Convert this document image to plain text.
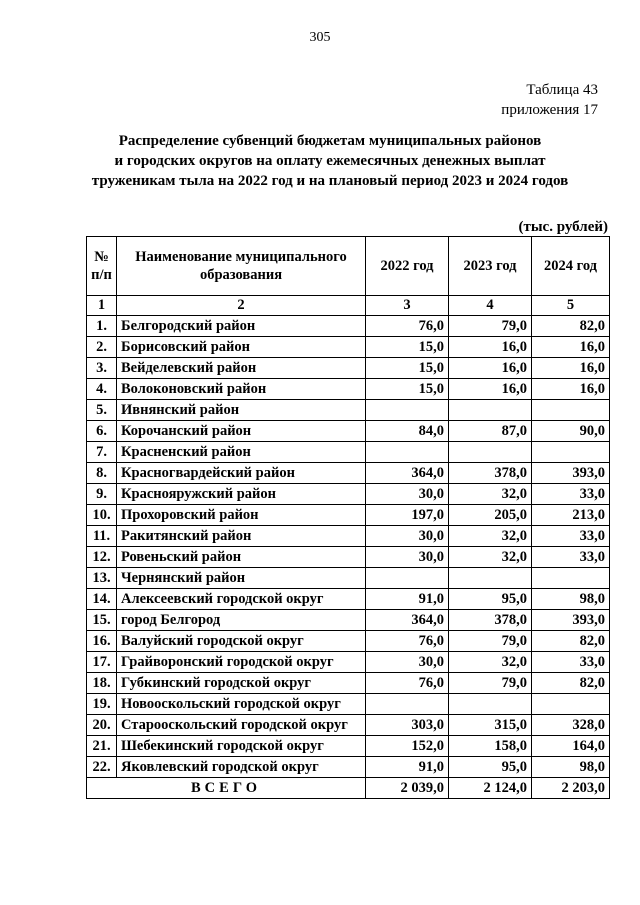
305
Таблица 43
приложения 17
Распределение субвенций бюджетам муниципальных районов
и городских округов на оплату ежемесячных денежных выплат
труженикам тыла на 2022 год и на плановый период 2023 и 2024 годов
(тыс. рублей)
№ п/п	Наименование муниципального образования	2022 год	2023 год	2024 год
1	2	3	4	5
1.	Белгородский район	76,0	79,0	82,0
2.	Борисовский район	15,0	16,0	16,0
3.	Вейделевский район	15,0	16,0	16,0
4.	Волоконовский район	15,0	16,0	16,0
5.	Ивнянский район			
6.	Корочанский район	84,0	87,0	90,0
7.	Красненский район			
8.	Красногвардейский район	364,0	378,0	393,0
9.	Краснояружский район	30,0	32,0	33,0
10.	Прохоровский район	197,0	205,0	213,0
11.	Ракитянский район	30,0	32,0	33,0
12.	Ровеньский район	30,0	32,0	33,0
13.	Чернянский район			
14.	Алексеевский городской округ	91,0	95,0	98,0
15.	город Белгород	364,0	378,0	393,0
16.	Валуйский городской округ	76,0	79,0	82,0
17.	Грайворонский городской округ	30,0	32,0	33,0
18.	Губкинский городской округ	76,0	79,0	82,0
19.	Новооскольский городской округ			
20.	Старооскольский городской округ	303,0	315,0	328,0
21.	Шебекинский городской округ	152,0	158,0	164,0
22.	Яковлевский городской округ	91,0	95,0	98,0
ВСЕГО		2 039,0	2 124,0	2 203,0
